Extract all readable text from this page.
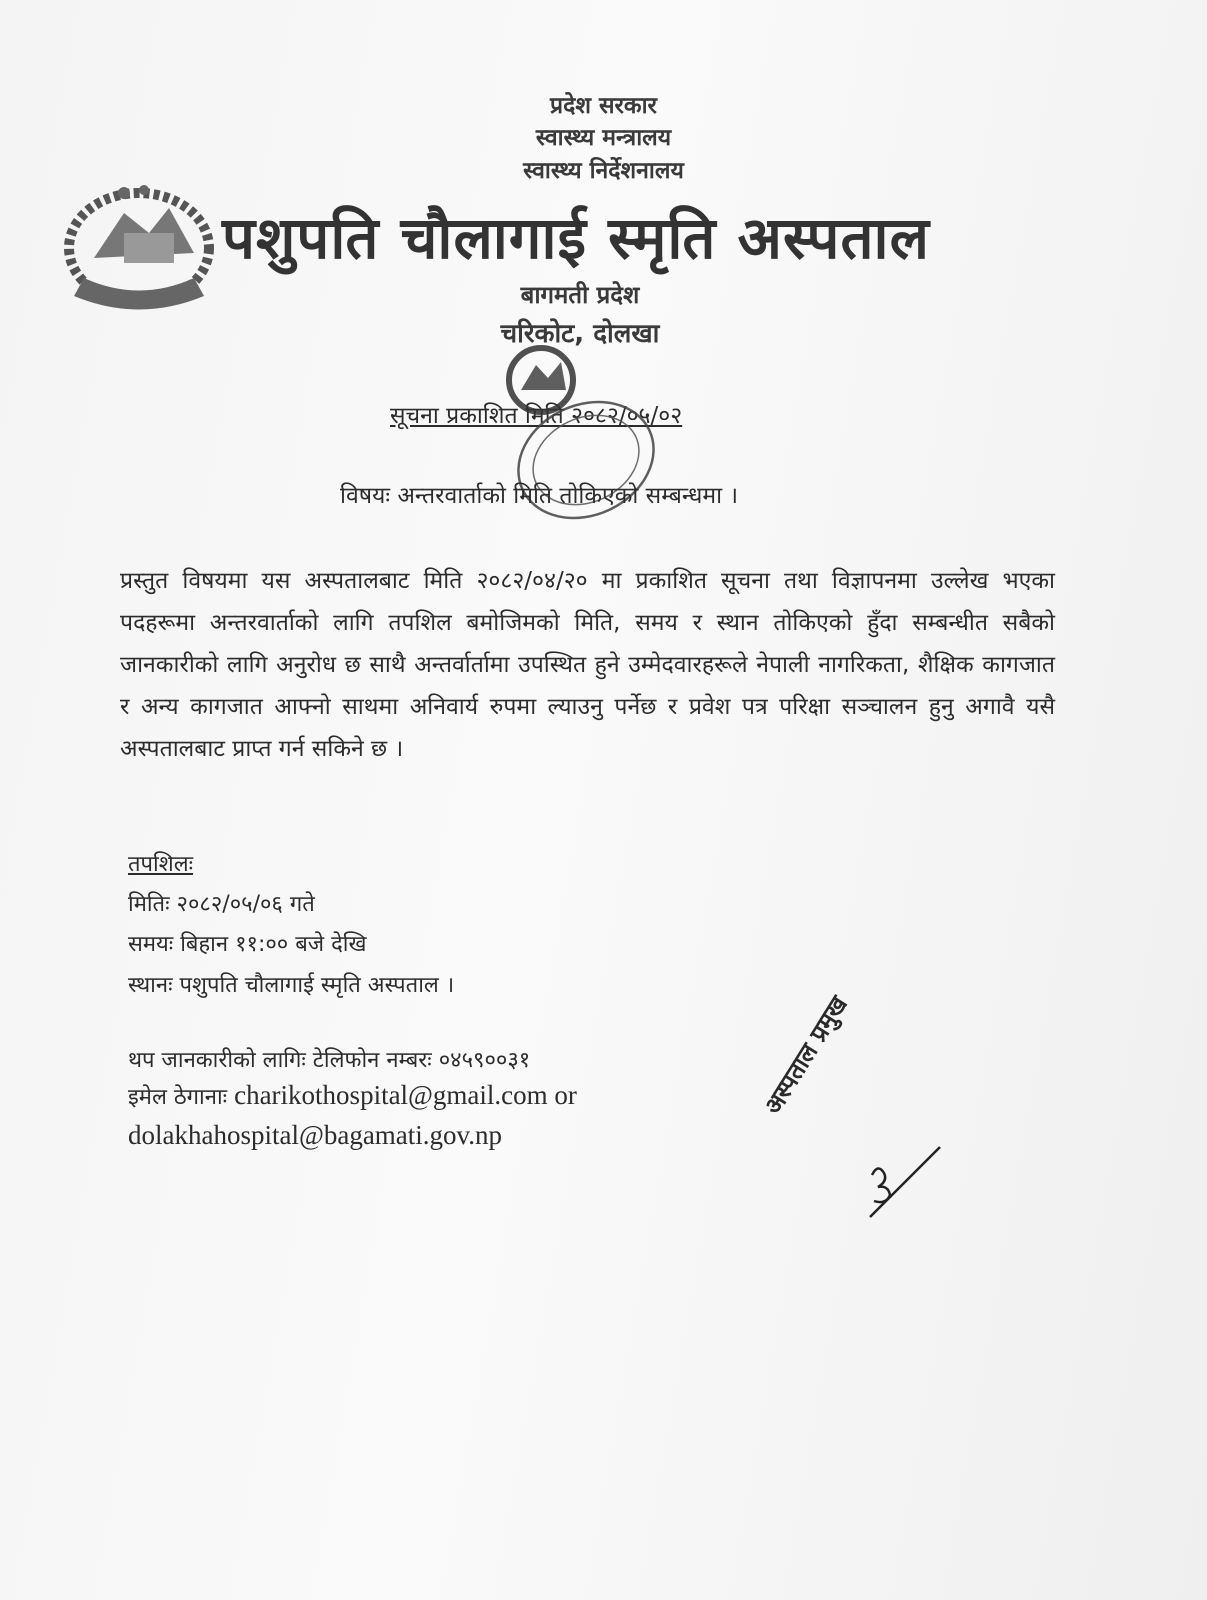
प्रदेश सरकार
स्वास्थ्य मन्त्रालय
स्वास्थ्य निर्देशनालय
पशुपति चौलागाई स्मृति अस्पताल
बागमती प्रदेश
चरिकोट, दोलखा
सूचना प्रकाशित मिति २०८२/०५/०२
विषयः अन्तरवार्ताको मिति तोकिएको सम्बन्धमा ।
प्रस्तुत विषयमा यस अस्पतालबाट मिति २०८२/०४/२० मा प्रकाशित सूचना तथा विज्ञापनमा उल्लेख भएका पदहरूमा अन्तरवार्ताको लागि तपशिल बमोजिमको मिति, समय र स्थान तोकिएको हुँदा सम्बन्धीत सबैको जानकारीको लागि अनुरोध छ साथै अन्तर्वार्तामा उपस्थित हुने उम्मेदवारहरूले नेपाली नागरिकता, शैक्षिक कागजात र अन्य कागजात आफ्नो साथमा अनिवार्य रुपमा ल्याउनु पर्नेछ र प्रवेश पत्र परिक्षा सञ्चालन हुनु अगावै यसै अस्पतालबाट प्राप्त गर्न सकिने छ ।
तपशिलः
मितिः २०८२/०५/०६ गते
समयः बिहान ११:०० बजे देखि
स्थानः पशुपति चौलागाई स्मृति अस्पताल ।
थप जानकारीको लागिः टेलिफोन नम्बरः ०४५९००३१
इमेल ठेगानाः charikothospital@gmail.com or
dolakhahospital@bagamati.gov.np
अस्पताल प्रमुख
